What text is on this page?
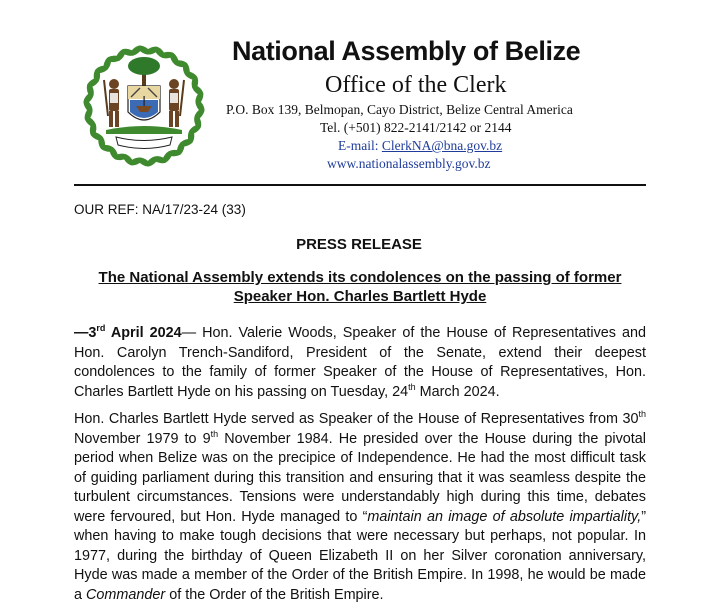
National Assembly of Belize
Office of the Clerk
P.O. Box 139, Belmopan, Cayo District, Belize Central America
Tel. (+501) 822-2141/2142 or 2144
E-mail: ClerkNA@bna.gov.bz
www.nationalassembly.gov.bz
OUR REF: NA/17/23-24 (33)
PRESS RELEASE
The National Assembly extends its condolences on the passing of former Speaker Hon. Charles Bartlett Hyde
—3rd April 2024— Hon. Valerie Woods, Speaker of the House of Representatives and Hon. Carolyn Trench-Sandiford, President of the Senate, extend their deepest condolences to the family of former Speaker of the House of Representatives, Hon. Charles Bartlett Hyde on his passing on Tuesday, 24th March 2024.
Hon. Charles Bartlett Hyde served as Speaker of the House of Representatives from 30th November 1979 to 9th November 1984. He presided over the House during the pivotal period when Belize was on the precipice of Independence. He had the most difficult task of guiding parliament during this transition and ensuring that it was seamless despite the turbulent circumstances. Tensions were understandably high during this time, debates were fervoured, but Hon. Hyde managed to “maintain an image of absolute impartiality,” when having to make tough decisions that were necessary but perhaps, not popular. In 1977, during the birthday of Queen Elizabeth II on her Silver coronation anniversary, Hyde was made a member of the Order of the British Empire. In 1998, he would be made a Commander of the Order of the British Empire.
